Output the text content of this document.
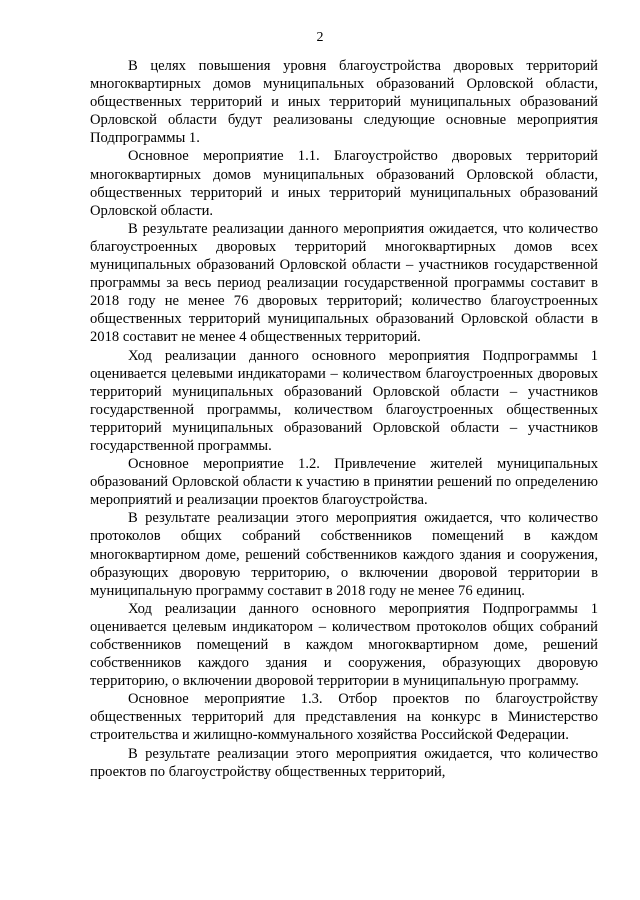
2

В целях повышения уровня благоустройства дворовых территорий многоквартирных домов муниципальных образований Орловской области, общественных территорий и иных территорий муниципальных образований Орловской области будут реализованы следующие основные мероприятия Подпрограммы 1.

Основное мероприятие 1.1. Благоустройство дворовых территорий многоквартирных домов муниципальных образований Орловской области, общественных территорий и иных территорий муниципальных образований Орловской области.

В результате реализации данного мероприятия ожидается, что количество благоустроенных дворовых территорий многоквартирных домов всех муниципальных образований Орловской области – участников государственной программы за весь период реализации государственной программы составит в 2018 году не менее 76 дворовых территорий; количество благоустроенных общественных территорий муниципальных образований Орловской области в 2018 составит не менее 4 общественных территорий.

Ход реализации данного основного мероприятия Подпрограммы 1 оценивается целевыми индикаторами – количеством благоустроенных дворовых территорий муниципальных образований Орловской области – участников государственной программы, количеством благоустроенных общественных территорий муниципальных образований Орловской области – участников государственной программы.

Основное мероприятие 1.2. Привлечение жителей муниципальных образований Орловской области к участию в принятии решений по определению мероприятий и реализации проектов благоустройства.

В результате реализации этого мероприятия ожидается, что количество протоколов общих собраний собственников помещений в каждом многоквартирном доме, решений собственников каждого здания и сооружения, образующих дворовую территорию, о включении дворовой территории в муниципальную программу составит в 2018 году не менее 76 единиц.

Ход реализации данного основного мероприятия Подпрограммы 1 оценивается целевым индикатором – количеством протоколов общих собраний собственников помещений в каждом многоквартирном доме, решений собственников каждого здания и сооружения, образующих дворовую территорию, о включении дворовой территории в муниципальную программу.

Основное мероприятие 1.3. Отбор проектов по благоустройству общественных территорий для представления на конкурс в Министерство строительства и жилищно-коммунального хозяйства Российской Федерации.

В результате реализации этого мероприятия ожидается, что количество проектов по благоустройству общественных территорий,
